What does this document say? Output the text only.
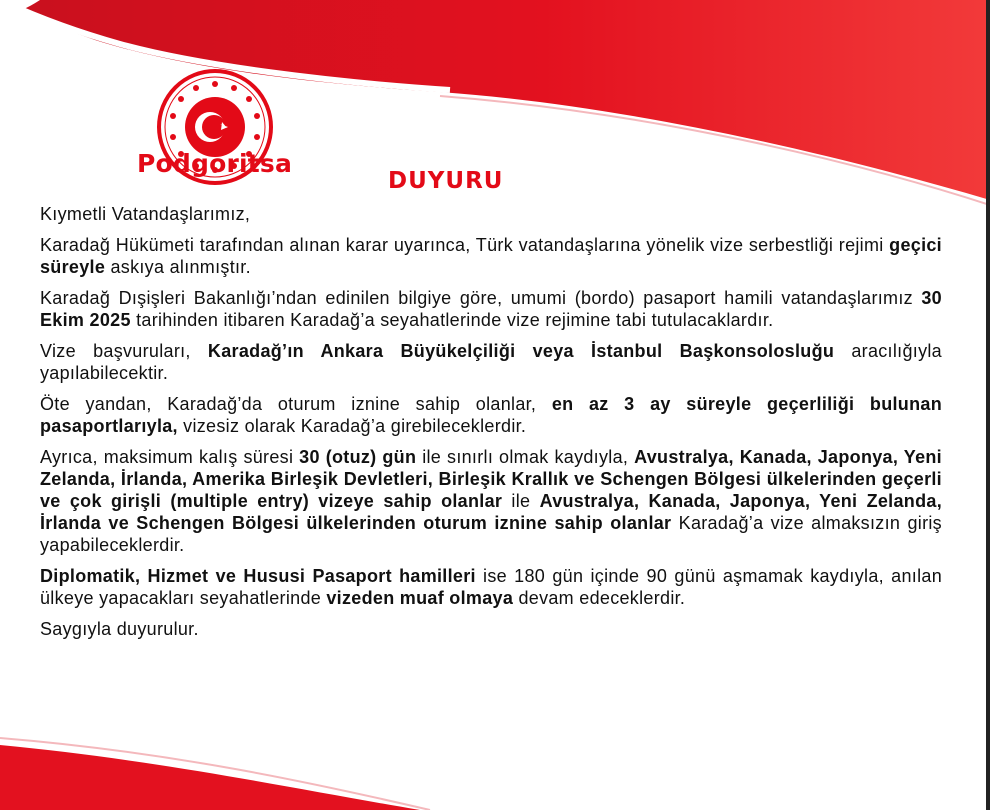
Podgoritsa
DUYURU

Kıymetli Vatandaşlarımız,

Karadağ Hükümeti tarafından alınan karar uyarınca, Türk vatandaşlarına yönelik vize serbestliği rejimi geçici süreyle askıya alınmıştır.

Karadağ Dışişleri Bakanlığı’ndan edinilen bilgiye göre, umumi (bordo) pasaport hamili vatandaşlarımız 30 Ekim 2025 tarihinden itibaren Karadağ’a seyahatlerinde vize rejimine tabi tutulacaklardır.

Vize başvuruları, Karadağ’ın Ankara Büyükelçiliği veya İstanbul Başkonsolosluğu aracılığıyla yapılabilecektir.

Öte yandan, Karadağ’da oturum iznine sahip olanlar, en az 3 ay süreyle geçerliliği bulunan pasaportlarıyla, vizesiz olarak Karadağ’a girebileceklerdir.

Ayrıca, maksimum kalış süresi 30 (otuz) gün ile sınırlı olmak kaydıyla, Avustralya, Kanada, Japonya, Yeni Zelanda, İrlanda, Amerika Birleşik Devletleri, Birleşik Krallık ve Schengen Bölgesi ülkelerinden geçerli ve çok girişli (multiple entry) vizeye sahip olanlar ile Avustralya, Kanada, Japonya, Yeni Zelanda, İrlanda ve Schengen Bölgesi ülkelerinden oturum iznine sahip olanlar Karadağ’a vize almaksızın giriş yapabileceklerdir.

Diplomatik, Hizmet ve Hususi Pasaport hamilleri ise 180 gün içinde 90 günü aşmamak kaydıyla, anılan ülkeye yapacakları seyahatlerinde vizeden muaf olmaya devam edeceklerdir.

Saygıyla duyurulur.
